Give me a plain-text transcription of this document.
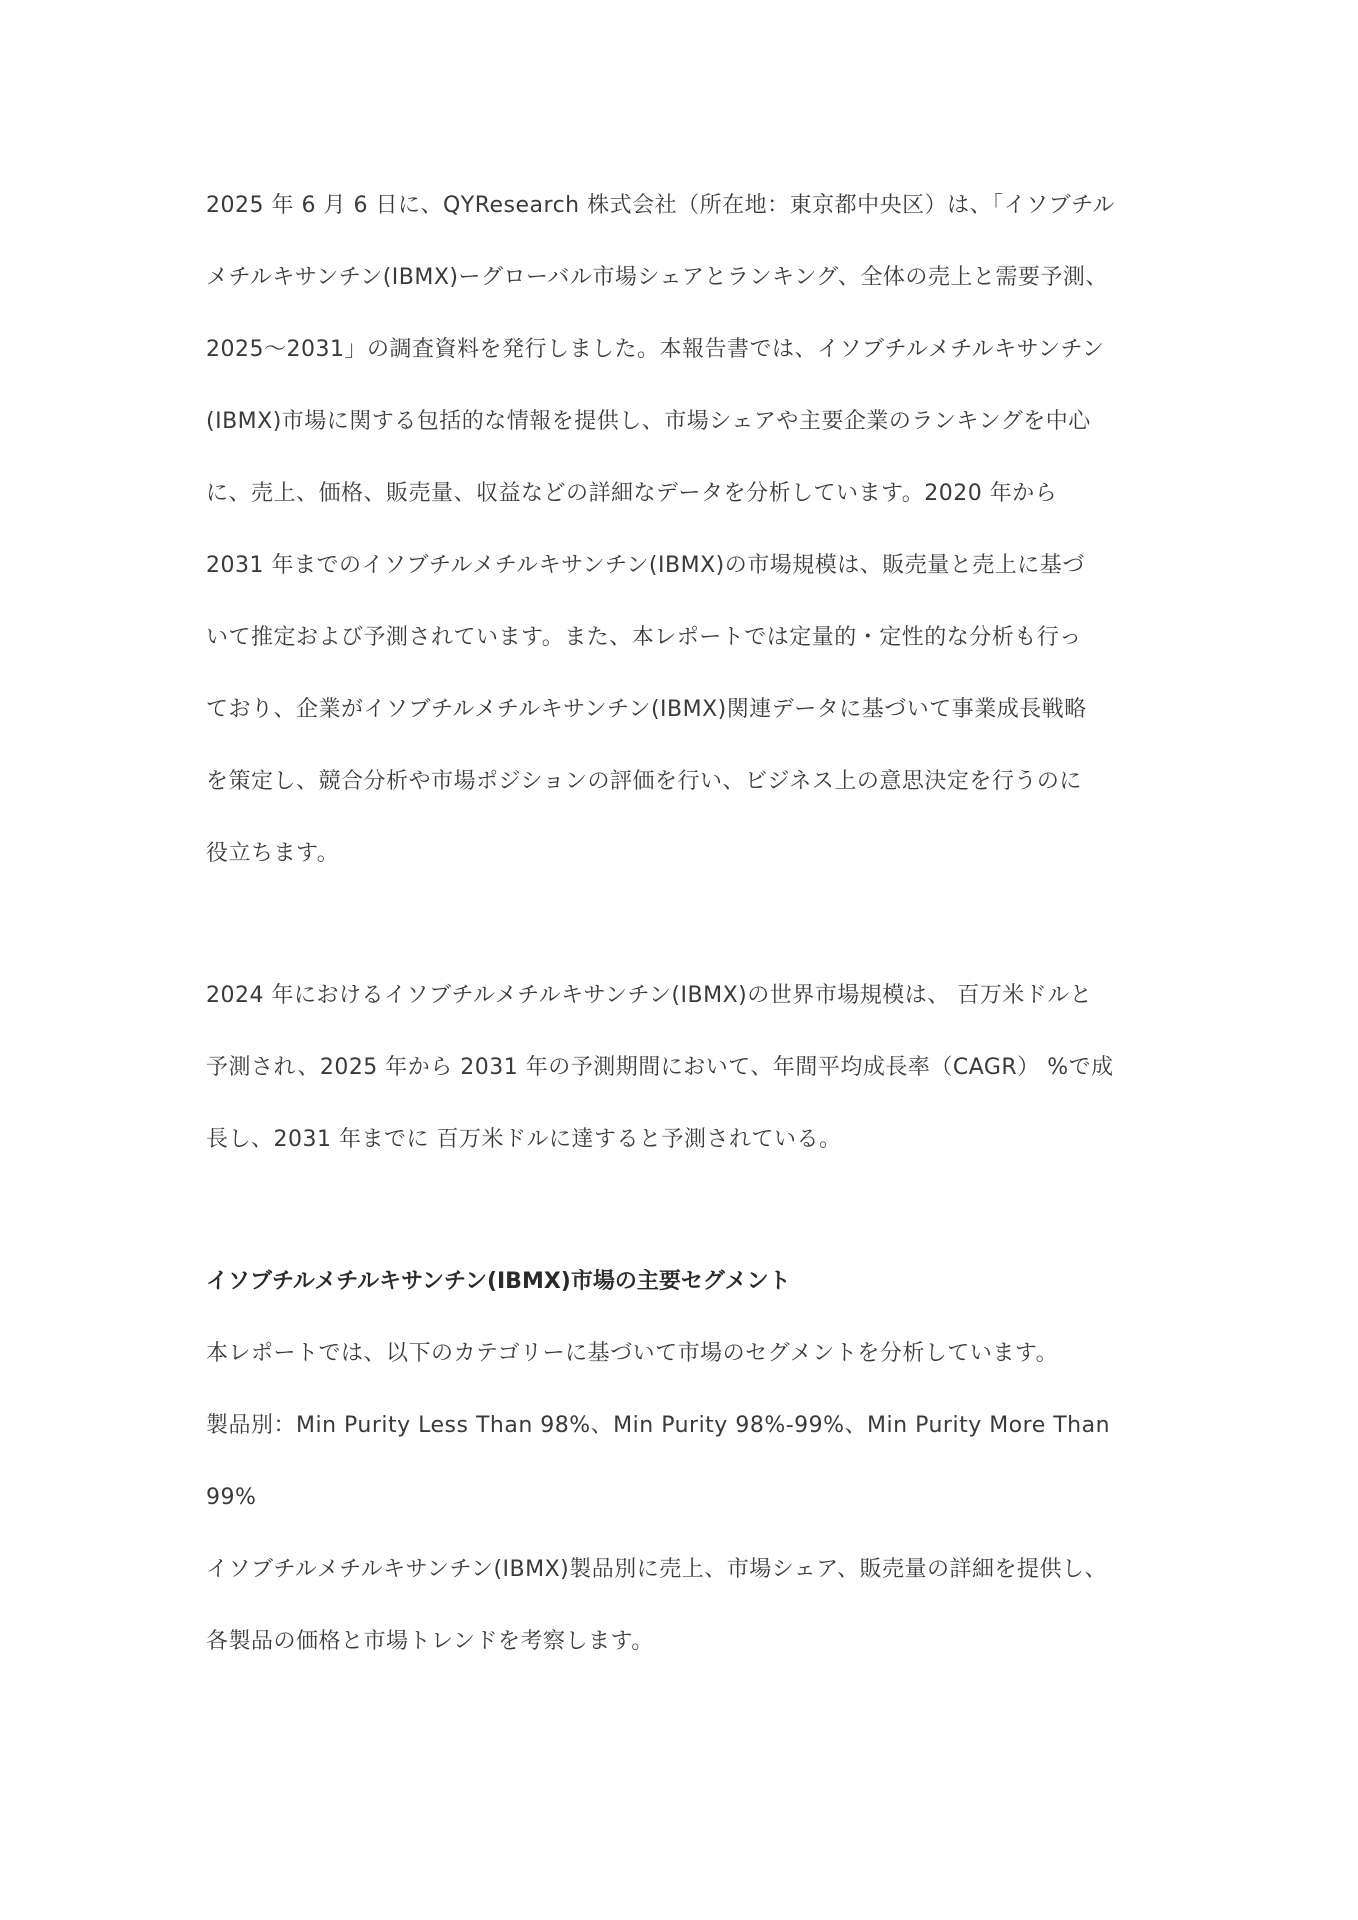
2025 年 6 月 6 日に、QYResearch 株式会社（所在地：東京都中央区）は、「イソブチル
メチルキサンチン(IBMX)ーグローバル市場シェアとランキング、全体の売上と需要予測、
2025〜2031」の調査資料を発行しました。本報告書では、イソブチルメチルキサンチン
(IBMX)市場に関する包括的な情報を提供し、市場シェアや主要企業のランキングを中心
に、売上、価格、販売量、収益などの詳細なデータを分析しています。2020 年から
2031 年までのイソブチルメチルキサンチン(IBMX)の市場規模は、販売量と売上に基づ
いて推定および予測されています。また、本レポートでは定量的・定性的な分析も行っ
ており、企業がイソブチルメチルキサンチン(IBMX)関連データに基づいて事業成長戦略
を策定し、競合分析や市場ポジションの評価を行い、ビジネス上の意思決定を行うのに
役立ちます。
2024 年におけるイソブチルメチルキサンチン(IBMX)の世界市場規模は、 百万米ドルと
予測され、2025 年から 2031 年の予測期間において、年間平均成長率（CAGR） %で成
長し、2031 年までに 百万米ドルに達すると予測されている。
イソブチルメチルキサンチン(IBMX)市場の主要セグメント
本レポートでは、以下のカテゴリーに基づいて市場のセグメントを分析しています。
製品別：Min Purity Less Than 98%、Min Purity 98%-99%、Min Purity More Than
99%
イソブチルメチルキサンチン(IBMX)製品別に売上、市場シェア、販売量の詳細を提供し、
各製品の価格と市場トレンドを考察します。
